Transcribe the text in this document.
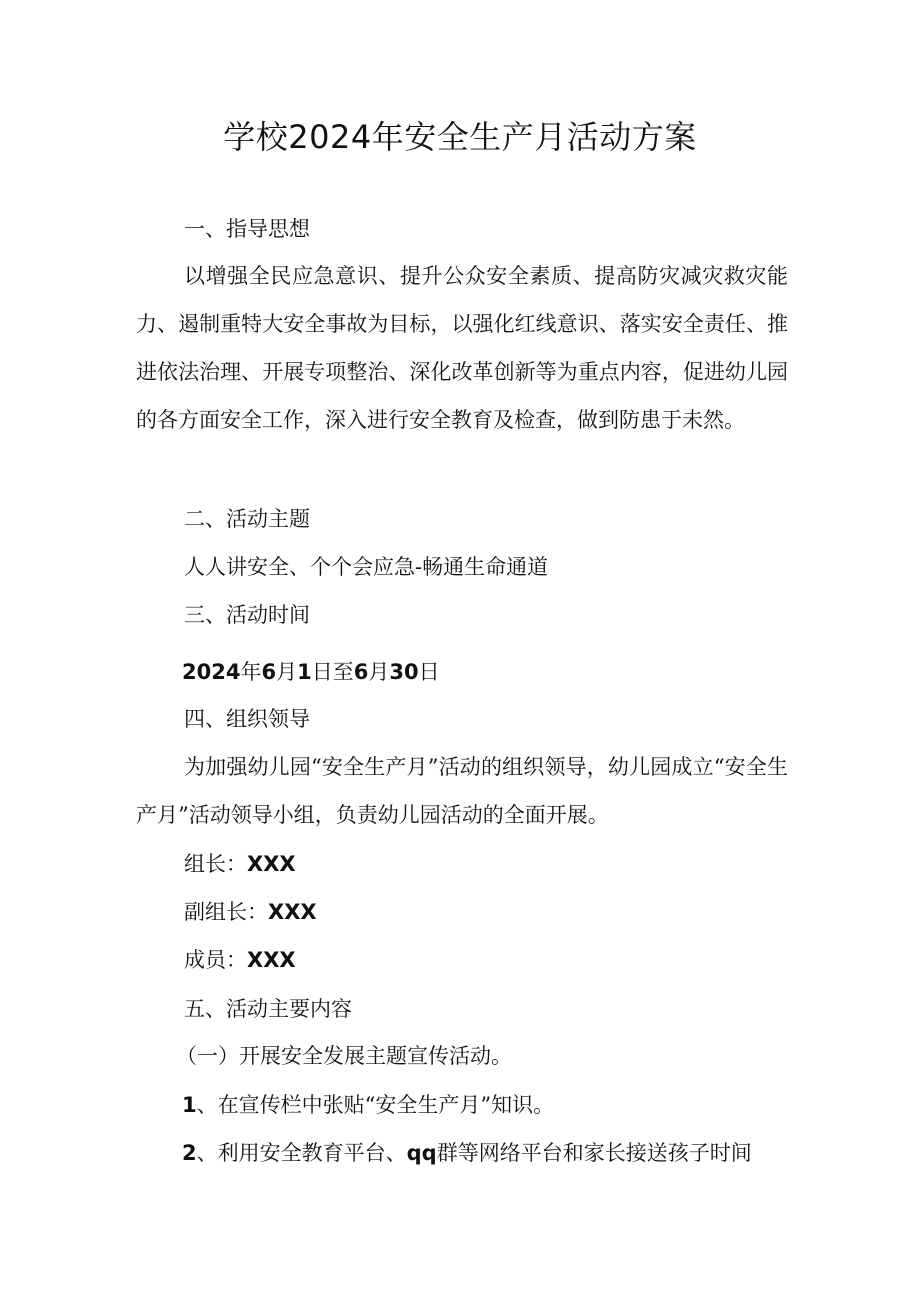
学校2024年安全生产月活动方案

一、指导思想

以增强全民应急意识、提升公众安全素质、提高防灾减灾救灾能力、遏制重特大安全事故为目标，以强化红线意识、落实安全责任、推进依法治理、开展专项整治、深化改革创新等为重点内容，促进幼儿园的各方面安全工作，深入进行安全教育及检查，做到防患于未然。

二、活动主题

人人讲安全、个个会应急-畅通生命通道

三、活动时间

2024年6月1日至6月30日

四、组织领导

为加强幼儿园“安全生产月”活动的组织领导，幼儿园成立“安全生产月”活动领导小组，负责幼儿园活动的全面开展。

组长：XXX

副组长：XXX

成员：XXX

五、活动主要内容

（一）开展安全发展主题宣传活动。

1、在宣传栏中张贴“安全生产月”知识。

2、利用安全教育平台、qq群等网络平台和家长接送孩子时间
